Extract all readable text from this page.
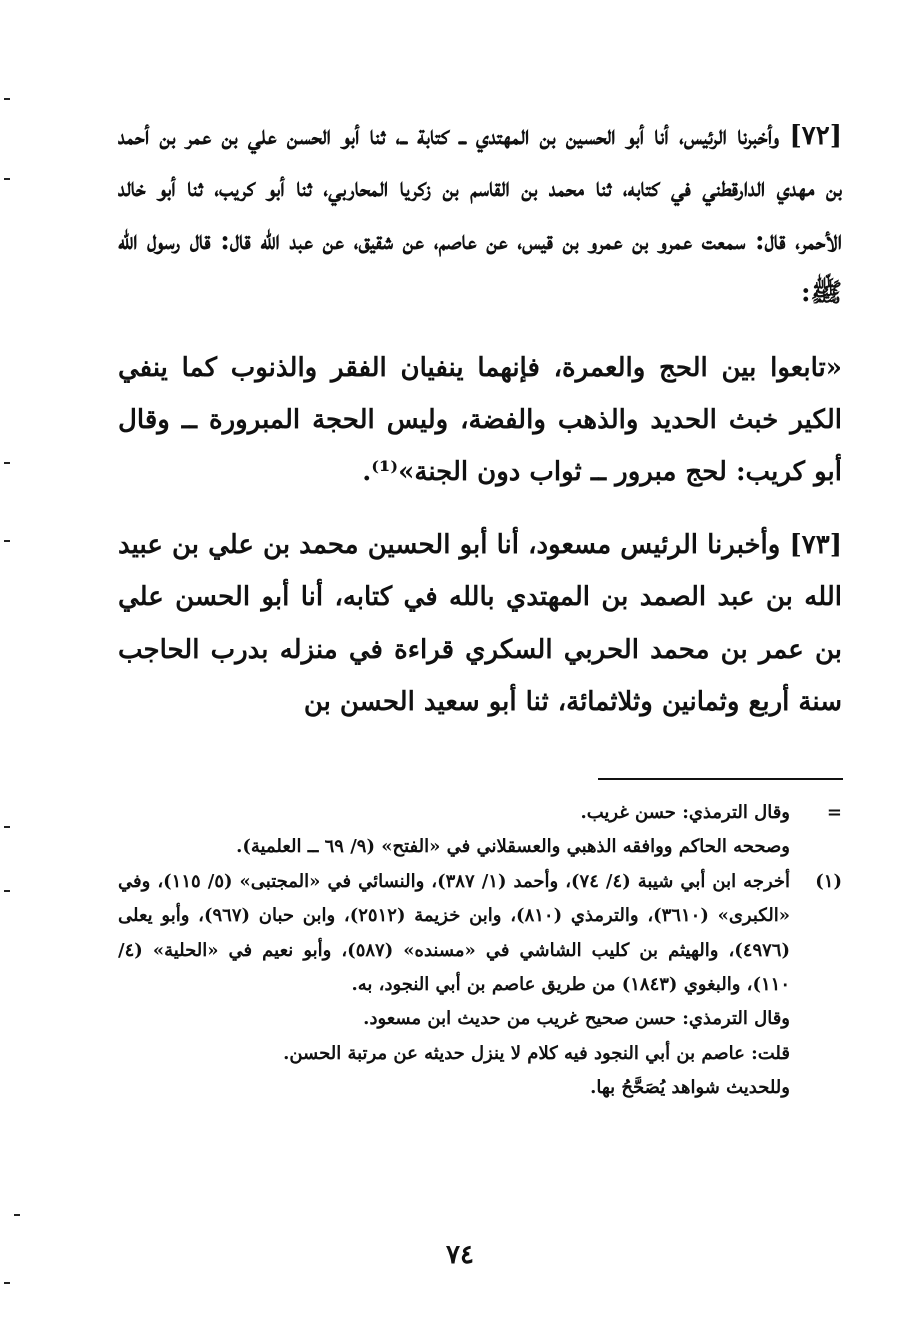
[٧٢] وأخبرنا الرئيس، أنا أبو الحسين بن المهتدي ــ كتابة ــ، ثنا أبو الحسن علي بن عمر بن أحمد بن مهدي الدارقطني في كتابه، ثنا محمد بن القاسم بن زكريا المحاربي، ثنا أبو كريب، ثنا أبو خالد الأحمر، قال: سمعت عمرو بن عمرو بن قيس، عن عاصم، عن شقيق، عن عبد الله قال: قال رسول الله ﷺ:

«تابعوا بين الحج والعمرة، فإنهما ينفيان الفقر والذنوب كما ينفي الكير خبث الحديد والذهب والفضة، وليس الحجة المبرورة ــ وقال أبو كريب: لحج مبرور ــ ثواب دون الجنة»⁽¹⁾.

[٧٣] وأخبرنا الرئيس مسعود، أنا أبو الحسين محمد بن علي بن عبيد الله بن عبد الصمد بن المهتدي بالله في كتابه، أنا أبو الحسن علي بن عمر بن محمد الحربي السكري قراءة في منزله بدرب الحاجب سنة أربع وثمانين وثلاثمائة، ثنا أبو سعيد الحسن بن

=
وقال الترمذي: حسن غريب.
وصححه الحاكم ووافقه الذهبي والعسقلاني في «الفتح» (٩/ ٦٩ ــ العلمية).
(١)
أخرجه ابن أبي شيبة (٤/ ٧٤)، وأحمد (١/ ٣٨٧)، والنسائي في «المجتبى» (٥/ ١١٥)، وفي «الكبرى» (٣٦١٠)، والترمذي (٨١٠)، وابن خزيمة (٢٥١٢)، وابن حبان (٩٦٧)، وأبو يعلى (٤٩٧٦)، والهيثم بن كليب الشاشي في «مسنده» (٥٨٧)، وأبو نعيم في «الحلية» (٤/ ١١٠)، والبغوي (١٨٤٣) من طريق عاصم بن أبي النجود، به.
وقال الترمذي: حسن صحيح غريب من حديث ابن مسعود.
قلت: عاصم بن أبي النجود فيه كلام لا ينزل حديثه عن مرتبة الحسن.
وللحديث شواهد يُصَحَّحُ بها.
٧٤
